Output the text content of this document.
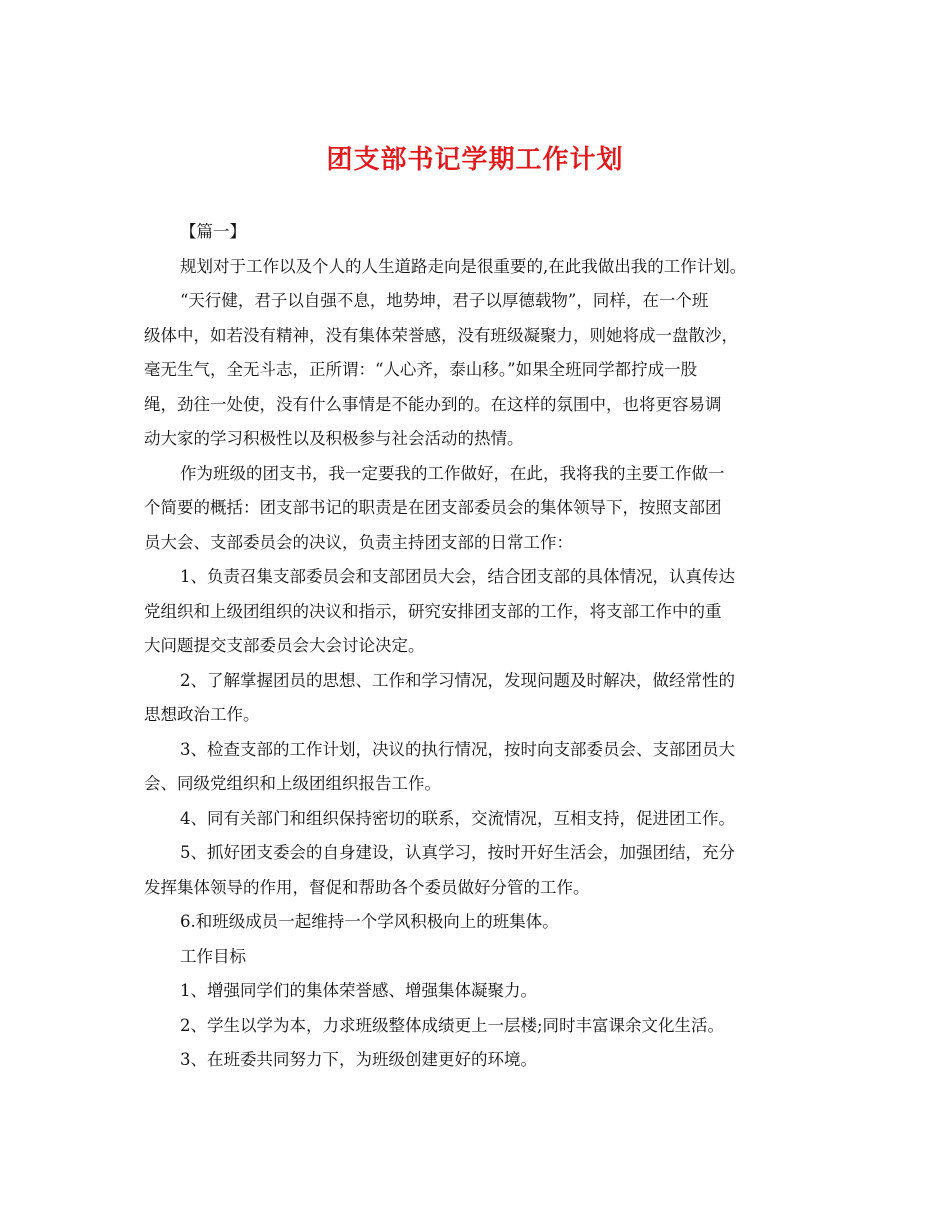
团支部书记学期工作计划
【篇一】
规划对于工作以及个人的人生道路走向是很重要的,在此我做出我的工作计划。
“天行健，君子以自强不息，地势坤，君子以厚德载物”，同样，在一个班
级体中，如若没有精神，没有集体荣誉感，没有班级凝聚力，则她将成一盘散沙，
毫无生气，全无斗志，正所谓：“人心齐，泰山移。”如果全班同学都拧成一股
绳，劲往一处使，没有什么事情是不能办到的。在这样的氛围中，也将更容易调
动大家的学习积极性以及积极参与社会活动的热情。
作为班级的团支书，我一定要我的工作做好，在此，我将我的主要工作做一
个简要的概括：团支部书记的职责是在团支部委员会的集体领导下，按照支部团
员大会、支部委员会的决议，负责主持团支部的日常工作：
1、负责召集支部委员会和支部团员大会，结合团支部的具体情况，认真传达
党组织和上级团组织的决议和指示，研究安排团支部的工作，将支部工作中的重
大问题提交支部委员会大会讨论决定。
2、了解掌握团员的思想、工作和学习情况，发现问题及时解决，做经常性的
思想政治工作。
3、检查支部的工作计划，决议的执行情况，按时向支部委员会、支部团员大
会、同级党组织和上级团组织报告工作。
4、同有关部门和组织保持密切的联系，交流情况，互相支持，促进团工作。
5、抓好团支委会的自身建设，认真学习，按时开好生活会，加强团结，充分
发挥集体领导的作用，督促和帮助各个委员做好分管的工作。
6.和班级成员一起维持一个学风积极向上的班集体。
工作目标
1、增强同学们的集体荣誉感、增强集体凝聚力。
2、学生以学为本，力求班级整体成绩更上一层楼;同时丰富课余文化生活。
3、在班委共同努力下，为班级创建更好的环境。
